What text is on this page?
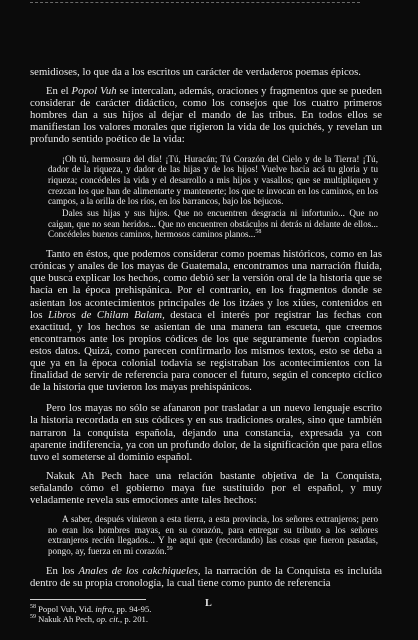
semidioses, lo que da a los escritos un carácter de verdaderos poemas épicos.

En el Popol Vuh se intercalan, además, oraciones y fragmentos que se pueden considerar de carácter didáctico, como los consejos que los cuatro primeros hombres dan a sus hijos al dejar el mando de las tribus. En todos ellos se manifiestan los valores morales que rigieron la vida de los quichés, y revelan un profundo sentido poético de la vida:

¡Oh tú, hermosura del día! ¡Tú, Huracán; Tú Corazón del Cielo y de la Tierra! ¡Tú, dador de la riqueza, y dador de las hijas y de los hijos! Vuelve hacia acá tu gloria y tu riqueza; concédeles la vida y el desarrollo a mis hijos y vasallos; que se multipliquen y crezcan los que han de alimentarte y mantenerte; los que te invocan en los caminos, en los campos, a la orilla de los ríos, en los barrancos, bajo los bejucos.

Dales sus hijas y sus hijos. Que no encuentren desgracia ni infortunio... Que no caigan, que no sean heridos... Que no encuentren obstáculos ni detrás ni delante de ellos... Concédeles buenos caminos, hermosos caminos planos...$^{58}$

Tanto en éstos, que podemos considerar como poemas históricos, como en las crónicas y anales de los mayas de Guatemala, encontramos una narración fluida, que busca explicar los hechos, como debió ser la versión oral de la historia que se hacía en la época prehispánica. Por el contrario, en los fragmentos donde se asientan los acontecimientos principales de los itzáes y los xiúes, contenidos en los Libros de Chilam Balam, destaca el interés por registrar las fechas con exactitud, y los hechos se asientan de una manera tan escueta, que creemos encontrarnos ante los propios códices de los que seguramente fueron copiados estos datos. Quizá, como parecen confirmarlo los mismos textos, esto se deba a que ya en la época colonial todavía se registraban los acontecimientos con la finalidad de servir de referencia para conocer el futuro, según el concepto cíclico de la historia que tuvieron los mayas prehispánicos.

Pero los mayas no sólo se afanaron por trasladar a un nuevo lenguaje escrito la historia recordada en sus códices y en sus tradiciones orales, sino que también narraron la conquista española, dejando una constancia, expresada ya con aparente indiferencia, ya con un profundo dolor, de la significación que para ellos tuvo el someterse al dominio español.

Nakuk Ah Pech hace una relación bastante objetiva de la Conquista, señalando cómo el gobierno maya fue sustituido por el español, y muy veladamente revela sus emociones ante tales hechos:

A saber, después vinieron a esta tierra, a esta provincia, los señores extranjeros; pero no eran los hombres mayas, en su corazón, para entregar su tributo a los señores extranjeros recién llegados... Y he aquí que (recordando) las cosas que fueron pasadas, pongo, ay, fuerza en mi corazón.$^{59}$

En los Anales de los cakchiqueles, la narración de la Conquista es incluída dentro de su propia cronología, la cual tiene como punto de referencia

$^{58}$ Popol Vuh, Vid. infra, pp. 94-95.

$^{59}$ Nakuk Ah Pech, op. cit., p. 201.

L
